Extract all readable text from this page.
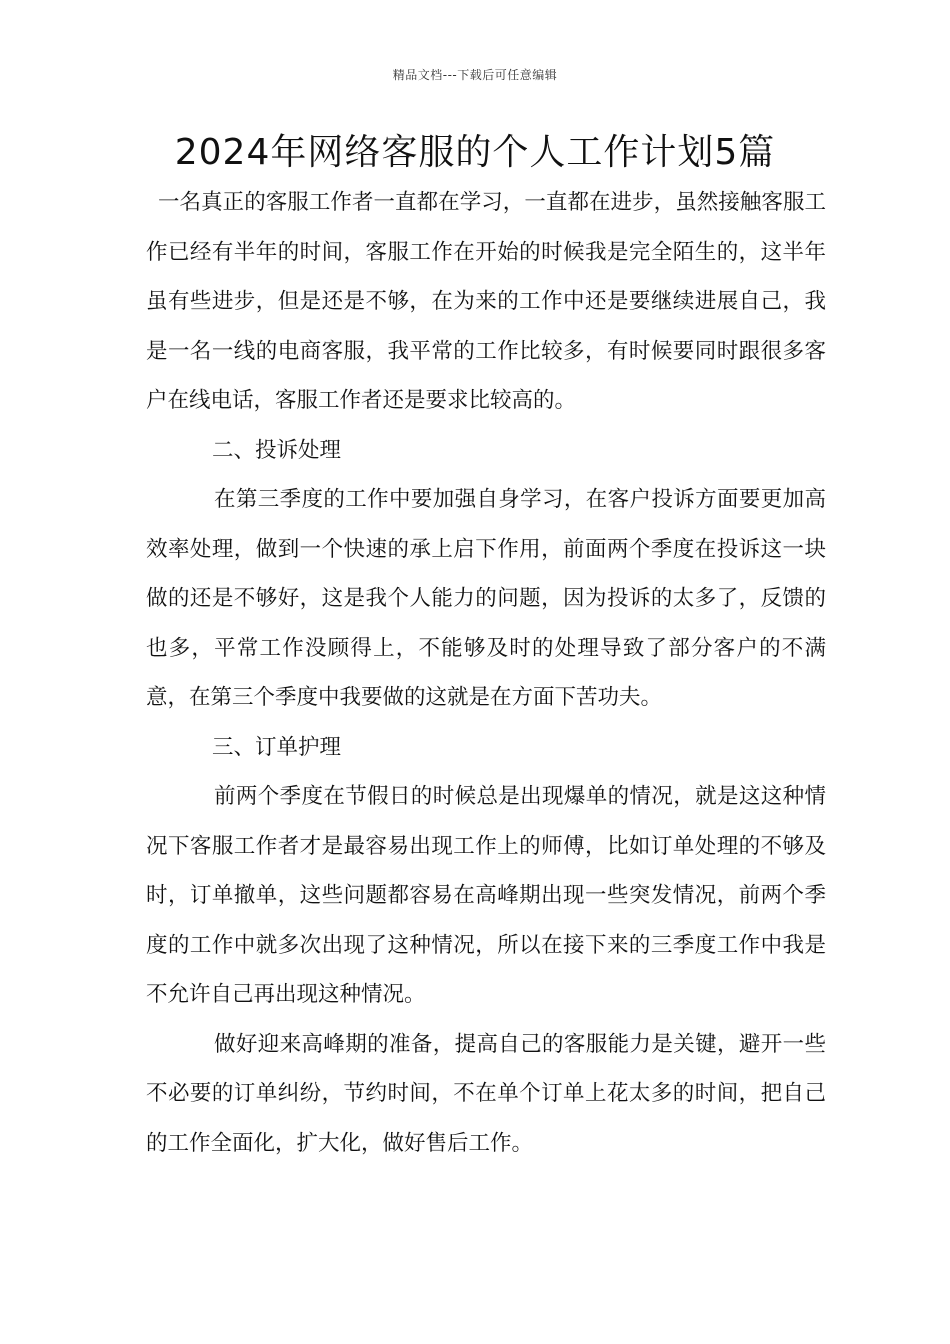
精品文档---下载后可任意编辑
2024年网络客服的个人工作计划5篇

一名真正的客服工作者一直都在学习，一直都在进步，虽然接触客服工作已经有半年的时间，客服工作在开始的时候我是完全陌生的，这半年虽有些进步，但是还是不够，在为来的工作中还是要继续进展自己，我是一名一线的电商客服，我平常的工作比较多，有时候要同时跟很多客户在线电话，客服工作者还是要求比较高的。

二、投诉处理

在第三季度的工作中要加强自身学习，在客户投诉方面要更加高效率处理，做到一个快速的承上启下作用，前面两个季度在投诉这一块做的还是不够好，这是我个人能力的问题，因为投诉的太多了，反馈的也多，平常工作没顾得上，不能够及时的处理导致了部分客户的不满意，在第三个季度中我要做的这就是在方面下苦功夫。

三、订单护理

前两个季度在节假日的时候总是出现爆单的情况，就是这这种情况下客服工作者才是最容易出现工作上的师傅，比如订单处理的不够及时，订单撤单，这些问题都容易在高峰期出现一些突发情况，前两个季度的工作中就多次出现了这种情况，所以在接下来的三季度工作中我是不允许自己再出现这种情况。

做好迎来高峰期的准备，提高自己的客服能力是关键，避开一些不必要的订单纠纷，节约时间，不在单个订单上花太多的时间，把自己的工作全面化，扩大化，做好售后工作。
